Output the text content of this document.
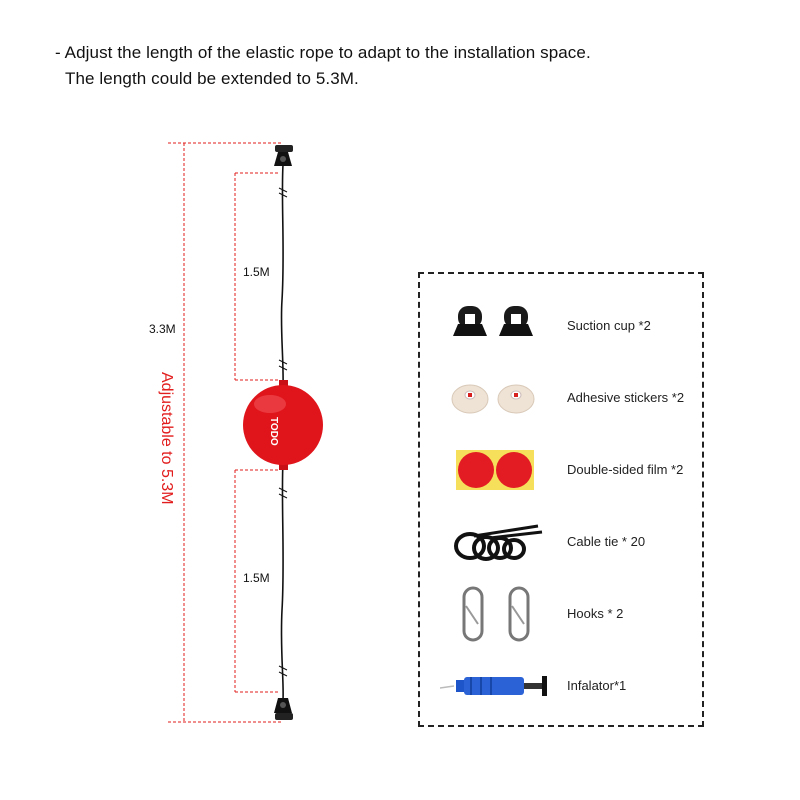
- Adjust the length of the elastic rope to adapt to the installation space.
The length could be extended to 5.3M.
3.3M
Adjustable to 5.3M
1.5M
1.5M
TODO
Suction cup *2
Adhesive stickers *2
Double-sided film *2
Cable tie * 20
Hooks * 2
Infalator*1
